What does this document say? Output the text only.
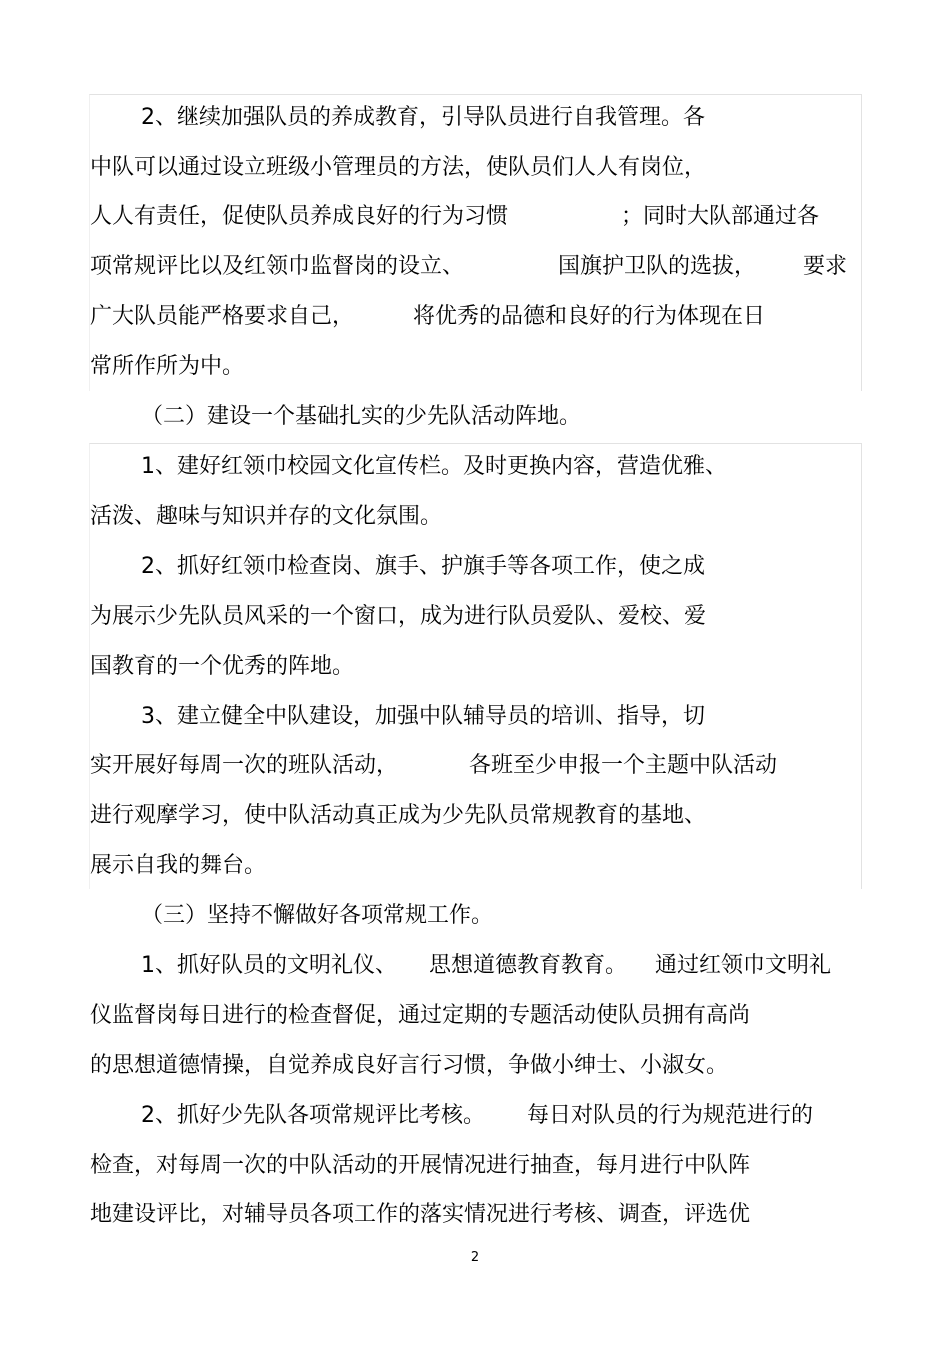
2、继续加强队员的养成教育，引导队员进行自我管理。各
中队可以通过设立班级小管理员的方法，使队员们人人有岗位，
人人有责任，促使队员养成良好的行为习惯	；同时大队部通过各
项常规评比以及红领巾监督岗的设立、	国旗护卫队的选拔， 要求
广大队员能严格要求自己，	将优秀的品德和良好的行为体现在日
常所作所为中。
（二）建设一个基础扎实的少先队活动阵地。
1、建好红领巾校园文化宣传栏。及时更换内容，营造优雅、
活泼、趣味与知识并存的文化氛围。
2、抓好红领巾检查岗、旗手、护旗手等各项工作，使之成
为展示少先队员风采的一个窗口，成为进行队员爱队、爱校、爱
国教育的一个优秀的阵地。
3、建立健全中队建设，加强中队辅导员的培训、指导，切
实开展好每周一次的班队活动，	各班至少申报一个主题中队活动
进行观摩学习，使中队活动真正成为少先队员常规教育的基地、
展示自我的舞台。
（三）坚持不懈做好各项常规工作。
1、抓好队员的文明礼仪、 思想道德教育教育。 通过红领巾文明礼
仪监督岗每日进行的检查督促，通过定期的专题活动使队员拥有高尚
的思想道德情操，自觉养成良好言行习惯，争做小绅士、小淑女。
2、抓好少先队各项常规评比考核。 每日对队员的行为规范进行的
检查，对每周一次的中队活动的开展情况进行抽查，每月进行中队阵
地建设评比，对辅导员各项工作的落实情况进行考核、调查，评选优
2
